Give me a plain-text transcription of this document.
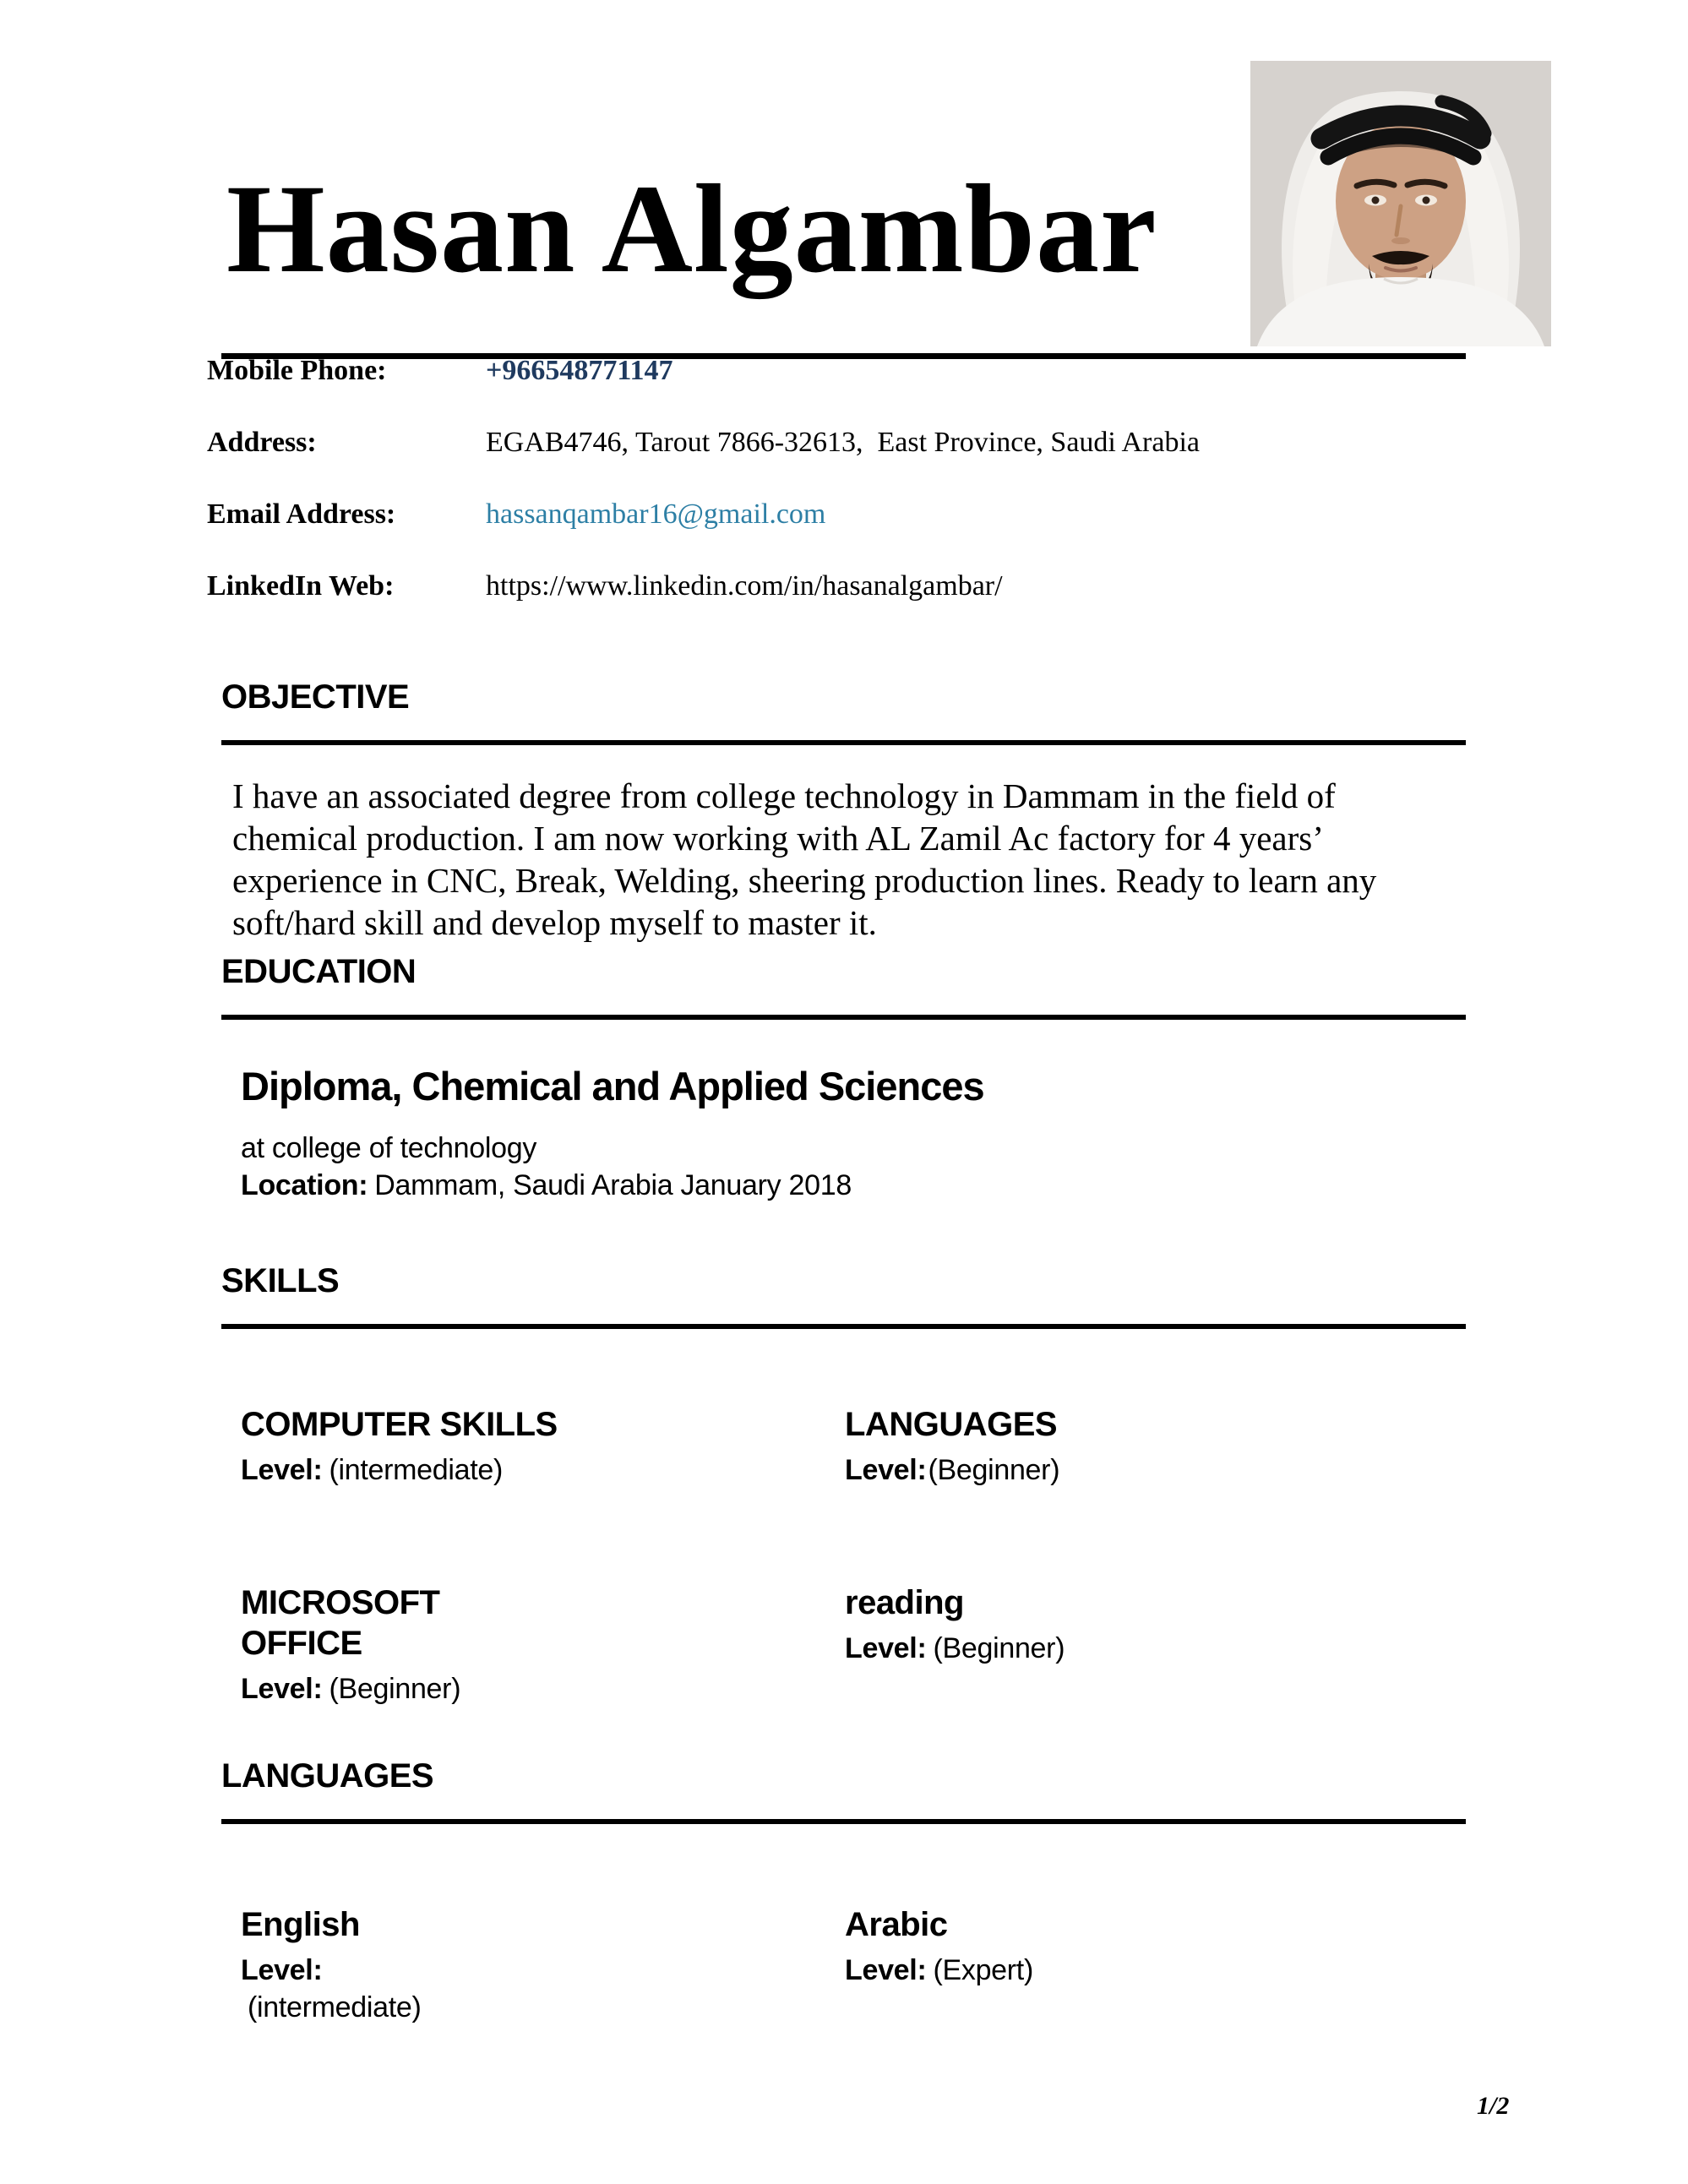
Hasan Algambar
Mobile Phone:	+966548771147
Address:	EGAB4746, Tarout 7866-32613,  East Province, Saudi Arabia
Email Address:	hassanqambar16@gmail.com
LinkedIn Web:	https://www.linkedin.com/in/hasanalgambar/
OBJECTIVE

I have an associated degree from college technology in Dammam in the field of chemical production. I am now working with AL Zamil Ac factory for 4 years’ experience in CNC, Break, Welding, sheering production lines. Ready to learn any soft/hard skill and develop myself to master it.

EDUCATION
Diploma, Chemical and Applied Sciences
at college of technology
Location: Dammam, Saudi Arabia January 2018
SKILLS
COMPUTER SKILLS
Level: (intermediate)
LANGUAGES
Level:(Beginner)
MICROSOFT OFFICE
Level: (Beginner)
reading
Level: (Beginner)
LANGUAGES
English
Level:(intermediate)
Arabic
Level: (Expert)
1/2
